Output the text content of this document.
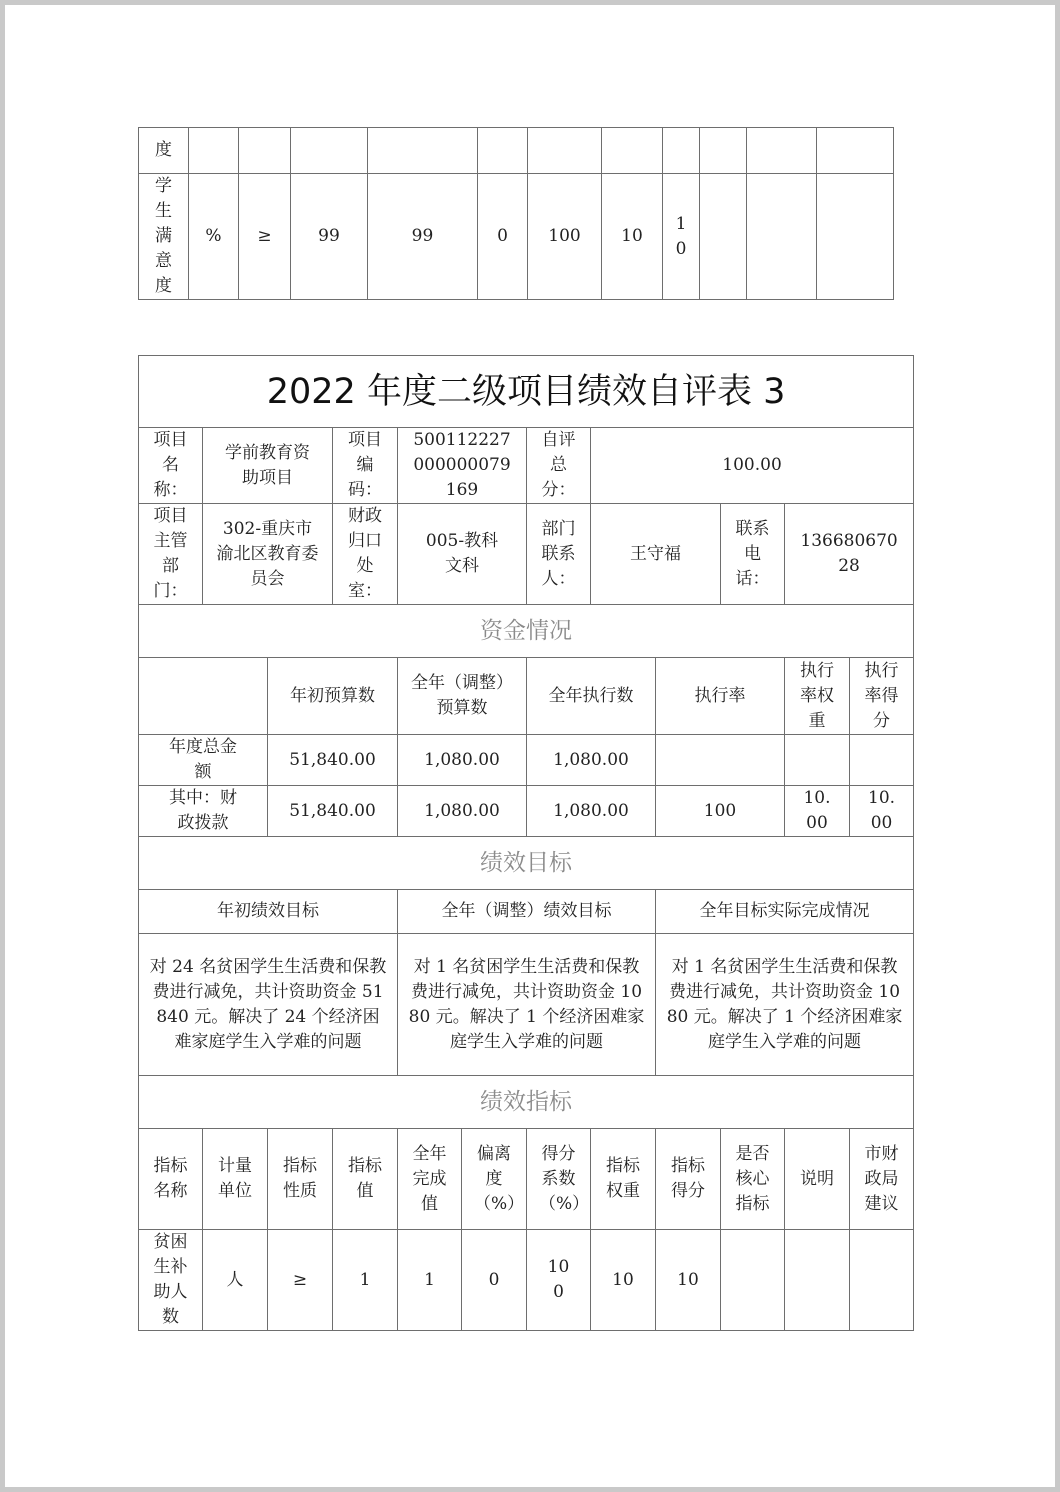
度											
学生满意度	%	≥	99	99	0	100	10	10			
2022 年度二级项目绩效自评表 3											
项目名称：	学前教育资助项目		项目编码：	500112227000000079169		自评总分：	100.00				
项目主管部门：	302-重庆市渝北区教育委员会		财政归口处室：	005-教科文科		部门联系人：	王守福		联系电话：	13668067028	
资金情况											
		年初预算数		全年（调整）预算数		全年执行数		执行率		执行率权重	执行率得分
年度总金额		51,840.00		1,080.00		1,080.00					
其中：财政拨款		51,840.00		1,080.00		1,080.00		100		10.00	10.00
绩效目标											
年初绩效目标				全年（调整）绩效目标				全年目标实际完成情况			
对 24 名贫困学生生活费和保教费进行减免，共计资助资金 51840 元。解决了 24 个经济困难家庭学生入学难的问题				对 1 名贫困学生生活费和保教费进行减免，共计资助资金 1080 元。解决了 1 个经济困难家庭学生入学难的问题				对 1 名贫困学生生活费和保教费进行减免，共计资助资金 1080 元。解决了 1 个经济困难家庭学生入学难的问题			
绩效指标											
指标名称	计量单位	指标性质	指标值	全年完成值	偏离度（%）	得分系数（%）	指标权重	指标得分	是否核心指标	说明	市财政局建议
贫困生补助人数	人	≥	1	1	0	100	10	10			
